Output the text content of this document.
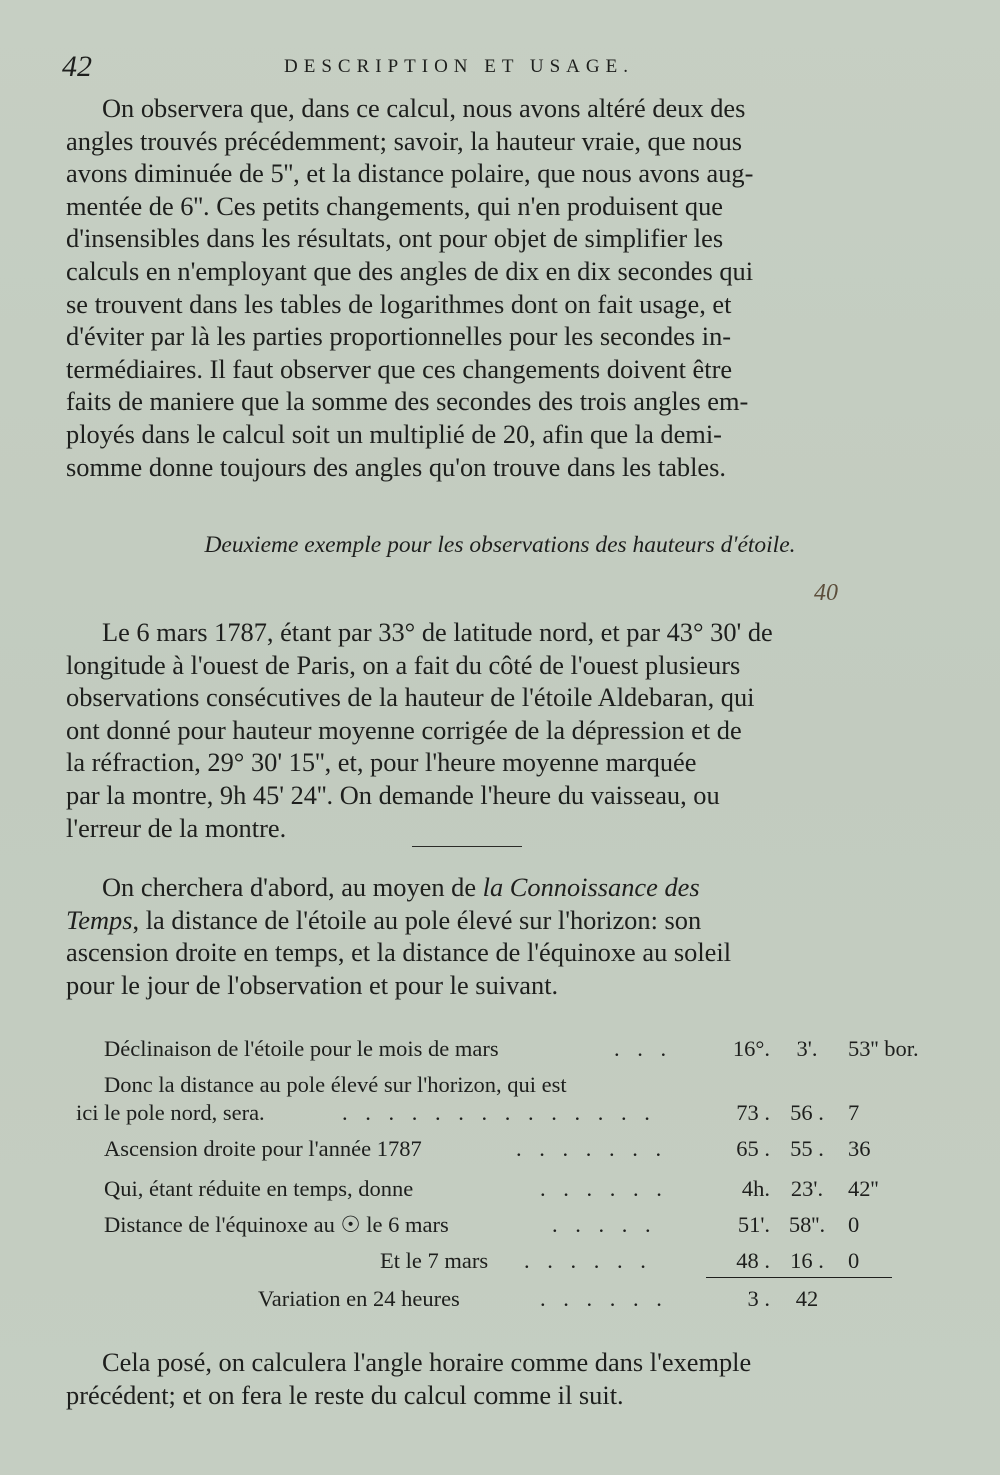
42	DESCRIPTION ET USAGE.
On observera que, dans ce calcul, nous avons altéré deux des
angles trouvés précédemment; savoir, la hauteur vraie, que nous
avons diminuée de 5'', et la distance polaire, que nous avons aug-
mentée de 6''. Ces petits changements, qui n'en produisent que
d'insensibles dans les résultats, ont pour objet de simplifier les
calculs en n'employant que des angles de dix en dix secondes qui
se trouvent dans les tables de logarithmes dont on fait usage, et
d'éviter par là les parties proportionnelles pour les secondes in-
termédiaires. Il faut observer que ces changements doivent être
faits de maniere que la somme des secondes des trois angles em-
ployés dans le calcul soit un multiplié de 20, afin que la demi-
somme donne toujours des angles qu'on trouve dans les tables.
Deuxieme exemple pour les observations des hauteurs d'étoile.
40
Le 6 mars 1787, étant par 33° de latitude nord, et par 43° 30' de
longitude à l'ouest de Paris, on a fait du côté de l'ouest plusieurs
observations consécutives de la hauteur de l'étoile Aldebaran, qui
ont donné pour hauteur moyenne corrigée de la dépression et de
la réfraction, 29° 30' 15'', et, pour l'heure moyenne marquée
par la montre, 9h 45' 24''. On demande l'heure du vaisseau, ou
l'erreur de la montre.
On cherchera d'abord, au moyen de la Connoissance des
Temps, la distance de l'étoile au pole élevé sur l'horizon: son
ascension droite en temps, et la distance de l'équinoxe au soleil
pour le jour de l'observation et pour le suivant.
Déclinaison de l'étoile pour le mois de mars	. . .	16°.	3'.	53'' bor.
Donc la distance au pole élevé sur l'horizon, qui est
ici le pole nord, sera.	. . . . . . . . . . . . . .	73 . 56 .	7
Ascension droite pour l'année 1787	. . . . . . .	65 . 55 .	36
Qui, étant réduite en temps, donne	. . . . . .	4h. 23'.	42''
Distance de l'équinoxe au ☉ le 6 mars	. . . . .	51'. 58''.	0
Et le 7 mars . . . . . .	48 . 16 .	0
Variation en 24 heures	. . . . . .	3 .	42
Cela posé, on calculera l'angle horaire comme dans l'exemple
précédent; et on fera le reste du calcul comme il suit.
